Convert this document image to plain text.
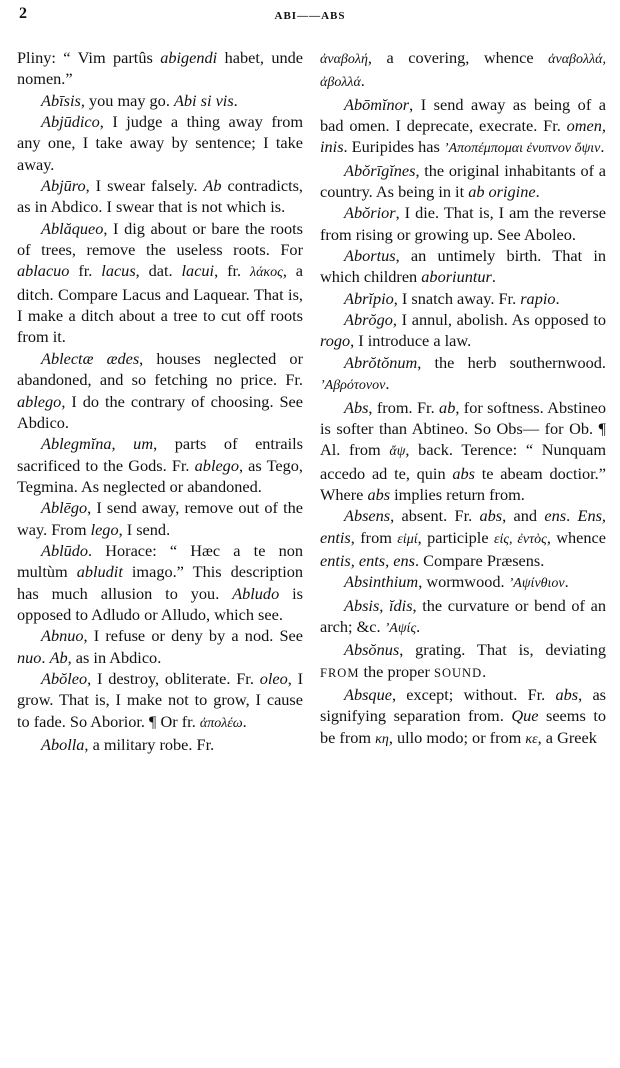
2	ABI——ABS

Pliny: “ Vim partûs abigendi habet, unde nomen.”

Abīsis, you may go. Abi si vis.

Abjūdico, I judge a thing away from any one, I take away by sentence; I take away.

Abjūro, I swear falsely. Ab contradicts, as in Abdico. I swear that is not which is.

Ablăqueo, I dig about or bare the roots of trees, remove the useless roots. For ablacuo fr. lacus, dat. lacui, fr. λάκος, a ditch. Compare Lacus and Laquear. That is, I make a ditch about a tree to cut off roots from it.

Ablectæ ædes, houses neglected or abandoned, and so fetching no price. Fr. ablego, I do the contrary of choosing. See Abdico.

Ablegmĭna, um, parts of entrails sacrificed to the Gods. Fr. ablego, as Tego, Tegmina. As neglected or abandoned.

Ablēgo, I send away, remove out of the way. From lego, I send.

Ablūdo. Horace: “ Hæc a te non multùm abludit imago.” This description has much allusion to you. Abludo is opposed to Adludo or Alludo, which see.

Abnuo, I refuse or deny by a nod. See nuo. Ab, as in Abdico.

Abŏleo, I destroy, obliterate. Fr. oleo, I grow. That is, I make not to grow, I cause to fade. So Aborior. ¶ Or fr. ἀπολέω.

Abolla, a military robe. Fr.

ἀναβολή, a covering, whence ἀναβολλά, ἀβολλά.

Abōmĭnor, I send away as being of a bad omen. I deprecate, execrate. Fr. omen, inis. Euripides has ’Αποπέμπομαι ἐνυπνον ὄψιν.

Abŏrīgĭnes, the original inhabitants of a country. As being in it ab origine.

Abŏrior, I die. That is, I am the reverse from rising or growing up. See Aboleo.

Abortus, an untimely birth. That in which children aboriuntur.

Abrĭpio, I snatch away. Fr. rapio.

Abrŏgo, I annul, abolish. As opposed to rogo, I introduce a law.

Abrŏtŏnum, the herb southernwood. ’Αβρότονον.

Abs, from. Fr. ab, for softness. Abstineo is softer than Abtineo. So Obs— for Ob. ¶ Al. from ἄψ, back. Terence: “ Nunquam accedo ad te, quin abs te abeam doctior.” Where abs implies return from.

Absens, absent. Fr. abs, and ens. Ens, entis, from εἰμί, participle εἰς, ἐντὸς, whence entis, ents, ens. Compare Præsens.

Absinthium, wormwood. ’Αψίνθιον.

Absis, ĭdis, the curvature or bend of an arch; &c. ’Αψίς.

Absŏnus, grating. That is, deviating FROM the proper SOUND.

Absque, except; without. Fr. abs, as signifying separation from. Que seems to be from κη, ullo modo; or from κε, a Greek
